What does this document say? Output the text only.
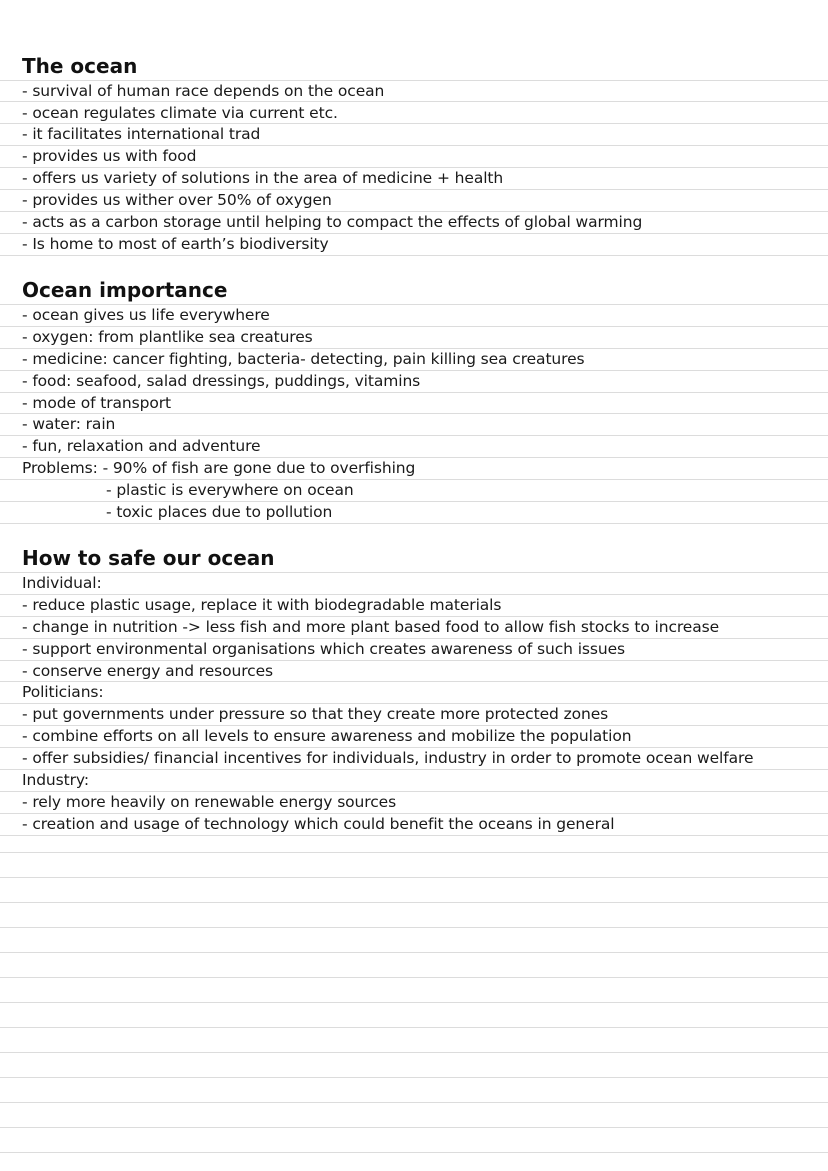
The ocean
- survival of human race depends on the ocean
- ocean regulates climate via current etc.
- it facilitates international trad
- provides us with food
- offers us variety of solutions in the area of medicine + health
- provides us wither over 50% of oxygen
- acts as a carbon storage until helping to compact the effects of global warming
- Is home to most of earth’s biodiversity
Ocean importance
- ocean gives us life everywhere
- oxygen: from plantlike sea creatures
- medicine: cancer fighting, bacteria- detecting, pain killing sea creatures
- food: seafood, salad dressings, puddings, vitamins
- mode of transport
- water: rain
- fun, relaxation and adventure
Problems: - 90% of fish are gone due to overfishing
- plastic is everywhere on ocean
- toxic places due to pollution
How to safe our ocean
Individual:
- reduce plastic usage, replace it with biodegradable materials
- change in nutrition -> less fish and more plant based food to allow fish stocks to increase
- support environmental organisations which creates awareness of such issues
- conserve energy and resources
Politicians:
- put governments under pressure so that they create more protected zones
- combine efforts on all levels to ensure awareness and mobilize the population
- offer subsidies/ financial incentives for individuals, industry in order to promote ocean welfare
Industry:
- rely more heavily on renewable energy sources
- creation and usage of technology which could benefit the oceans in general
